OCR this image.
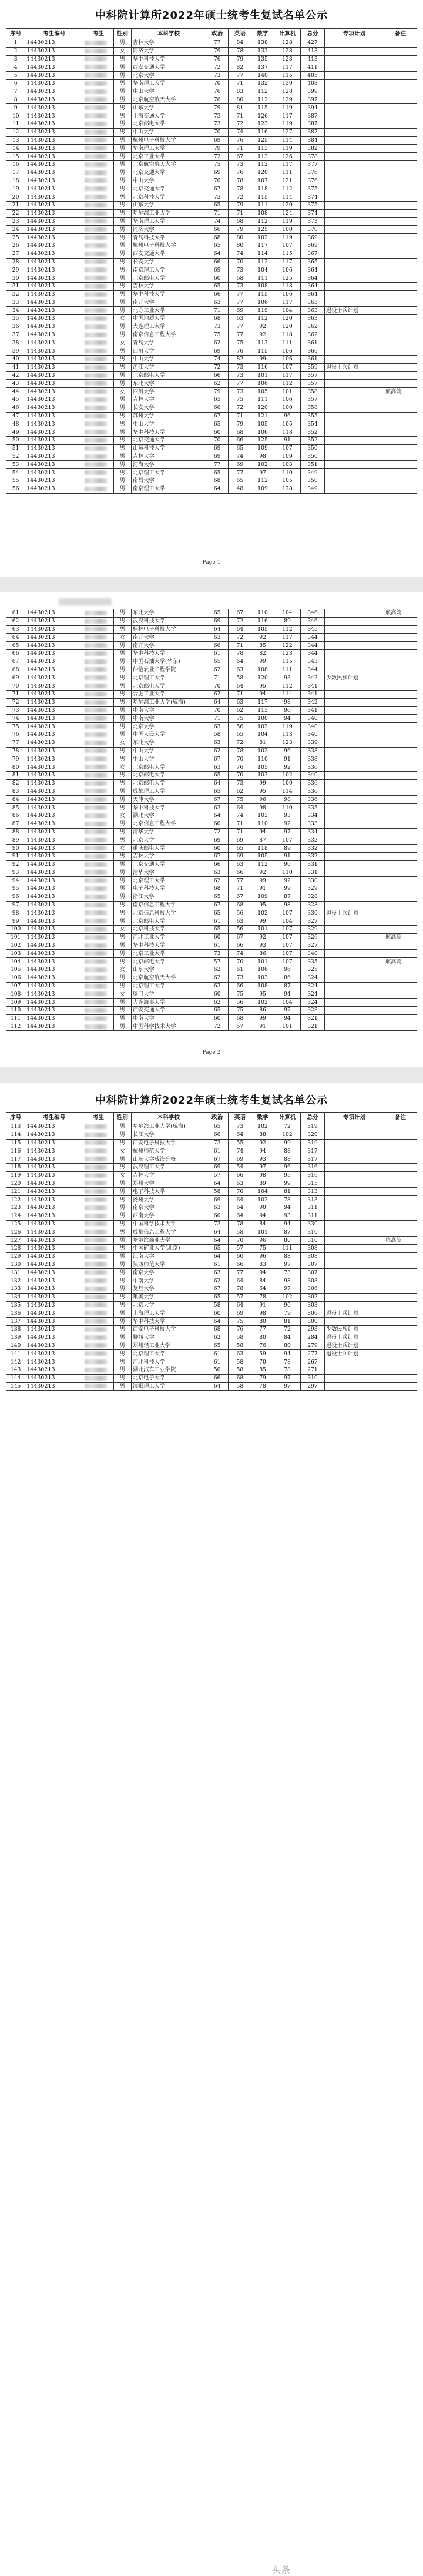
中科院计算所2022年硕士统考生复试名单公示
序号	考生编号	考生	性别	本科学校	政治	英语	数学	计算机	总分	专项计划	备注
1	14430213		男	吉林大学	77	84	138	128	427		
2	14430213		女	同济大学	79	78	133	128	418		
3	14430213		男	华中科技大学	76	79	135	123	413		
4	14430213		男	西安交通大学	72	82	137	117	411		
5	14430213		男	北京大学	73	77	140	115	405		
6	14430213		男	华南理工大学	70	71	132	130	403		
7	14430213		男	中山大学	76	83	112	128	399		
8	14430213		男	北京航空航天大学	76	80	112	129	397		
9	14430213		男	山东大学	79	81	115	119	394		
10	14430213		男	上海交通大学	73	71	126	117	387		
11	14430213		男	北京邮电大学	73	72	123	119	387		
12	14430213		男	中山大学	70	74	116	127	387		
13	14430213		男	杭州电子科技大学	69	76	125	114	384		
14	14430213		男	华南理工大学	79	71	113	119	382		
15	14430213		男	北京工业大学	72	67	113	126	378		
16	14430213		男	北京航空航天大学	75	73	112	117	377		
17	14430213		男	北京交通大学	69	76	120	111	376		
18	14430213		男	中山大学	70	78	107	121	376		
19	14430213		男	北京交通大学	67	78	118	112	375		
20	14430213		男	北京科技大学	73	72	115	114	374		
21	14430213		男	山东大学	65	79	111	120	375		
22	14430213		男	哈尔滨工业大学	71	71	108	124	374		
23	14430213		男	华南理工大学	74	68	112	119	373		
24	14430213		男	同济大学	66	79	125	100	370		
25	14430213		男	青岛科技大学	68	80	102	119	369		
26	14430213		男	杭州电子科技大学	65	80	117	107	369		
27	14430213		男	西安交通大学	64	74	114	115	367		
28	14430213		男	长安大学	66	70	112	117	365		
29	14430213		男	南京理工大学	69	73	104	106	364		
30	14430213		男	北京邮电大学	60	68	111	125	364		
31	14430213		男	吉林大学	65	73	108	118	364		
32	14430213		男	华中科技大学	66	77	115	106	364		
33	14430213		男	南开大学	63	77	106	117	363		
34	14430213		男	北方工业大学	71	69	119	104	363	退役士兵计划	
35	14430213		女	中国地质大学	68	63	112	120	363		
36	14430213		男	大连理工大学	73	77	92	120	362		
37	14430213		男	南京信息工程大学	75	77	92	118	362		
38	14430213		女	青岛大学	62	75	113	111	361		
39	14430213		男	四川大学	69	70	115	106	360		
40	14430213		男	中山大学	74	82	99	106	361		
41	14430213		男	浙江大学	72	73	116	107	359	退役士兵计划	
42	14430213		男	北京邮电大学	66	73	101	117	357		
43	14430213		男	东北大学	62	77	106	112	357		
44	14430213		女	四川大学	79	73	105	101	358		航高院
45	14430213		男	吉林大学	65	75	111	106	357		
46	14430213		男	长安大学	66	72	120	100	358		
47	14430213		男	苏州大学	67	71	121	96	355		
48	14430213		男	中山大学	65	79	105	105	354		
49	14430213		男	华中科技大学	60	68	106	118	352		
50	14430213		男	北京交通大学	70	66	125	91	352		
51	14430213		男	山东科技大学	69	65	109	107	350		
52	14430213		男	吉林大学	69	74	98	109	350		
53	14430213		男	河海大学	77	69	102	103	351		
54	14430213		男	北京理工大学	65	77	97	110	349		
55	14430213		男	南昌大学	68	65	112	105	350		
56	14430213		男	南京理工大学	64	48	109	128	349		
Page 1
61	14430213		男	东北大学	65	67	110	104	346		航高院
62	14430213		男	武汉科技大学	69	72	116	89	346		
63	14430213		男	桂林电子科技大学	64	64	105	112	345		
64	14430213		女	南开大学	63	72	92	117	344		
65	14430213		男	南开大学	66	71	85	122	344		
66	14430213		男	华中科技大学	61	78	82	123	344		
67	14430213		男	中国石油大学(华东)	65	64	99	115	343		
68	14430213		男	仲恺农业工程学院	62	63	108	111	344		
69	14430213		男	北京理工大学	71	58	120	93	342	少数民族计划	
70	14430213		男	北京邮电大学	70	64	95	112	341		
71	14430213		男	合肥工业大学	62	71	94	114	341		
72	14430213		男	哈尔滨工业大学(威海)	64	63	117	98	342		
73	14430213		男	中南大学	70	62	113	96	341		
74	14430213		男	中南大学	71	75	100	94	340		
75	14430213		男	北京大学	63	56	102	119	340		
76	14430213		男	中国人民大学	58	65	104	113	340		
77	14430213		女	东北大学	63	72	81	123	339		
78	14430213		男	中山大学	62	78	102	96	338		
79	14430213		男	中山大学	67	70	110	91	338		
80	14430213		女	北京邮电大学	63	76	105	92	336		
81	14430213		男	北京邮电大学	65	70	103	102	340		
82	14430213		男	北京邮电大学	64	73	99	100	336		
83	14430213		男	成都理工大学	65	62	95	114	336		
84	14430213		男	天津大学	67	75	96	98	336		
85	14430213		男	华中科技大学	63	64	98	110	335		
86	14430213		女	湖北大学	64	74	103	93	334		
87	14430213		男	北京信息工程大学	60	71	110	92	333		
88	14430213		男	清华大学	72	71	94	97	334		
89	14430213		男	北京大学	69	69	87	107	332		
90	14430213		女	重庆邮电大学	60	65	118	89	332		
91	14430213		男	吉林大学	67	69	105	91	332		
92	14430213		男	北京交通大学	66	63	112	90	331		
93	14430213		男	清华大学	63	66	92	110	331		
94	14430213		男	北京理工大学	62	77	99	92	330		
95	14430213		男	电子科技大学	68	71	91	99	329		
96	14430213		男	浙江大学	65	67	109	87	328		
97	14430213		男	南京信息工程大学	67	68	95	98	328		
98	14430213		男	北京信息科技大学	65	56	102	107	330	退役士兵计划	
99	14430213		男	北京邮电大学	61	63	99	104	327		
100	14430213		女	北京科技大学	65	56	101	107	329		
101	14430213		男	河北工业大学	60	67	92	107	326		航高院
102	14430213		男	华中科技大学	61	66	93	107	327		
103	14430213		男	北京工业大学	73	74	86	107	340		
104	14430213		男	北京邮电大学	57	70	101	107	335		航高院
105	14430213		女	山东大学	62	61	106	96	325		
106	14430213		男	北京航空航天大学	62	73	103	86	324		
107	14430213		男	北京理工大学	63	66	108	87	324		
108	14430213		女	厦门大学	60	75	95	94	324		
109	14430213		男	大连海事大学	62	56	102	104	324		
110	14430213		男	西安交通大学	65	75	86	97	323		
111	14430213		男	中南大学	60	68	99	94	321		
112	14430213		男	中国科学技术大学	72	57	91	101	321		
Page 2
中科院计算所2022年硕士统考生复试名单公示
序号	考生编号	考生	性别	本科学校	政治	英语	数学	计算机	总分	专项计划	备注
113	14430213		男	哈尔滨工业大学(威海)	65	73	102	72	319		
114	14430213		男	长江大学	66	64	88	102	320		
115	14430213		男	西安电子科技大学	73	55	92	99	319		
116	14430213		女	杭州师范大学	61	74	94	88	317		
117	14430213		男	山东大学威海分校	67	69	93	88	317		
118	14430213		男	武汉理工大学	69	54	97	96	316		
119	14430213		女	吉林大学	57	66	98	95	316		
120	14430213		男	郑州大学	64	63	89	99	315		
121	14430213		男	电子科技大学	58	70	104	81	313		
122	14430213		男	扬州大学	69	64	102	78	313		
123	14430213		男	南京大学	63	64	90	94	311		
124	14430213		男	西南大学	60	64	94	93	311		
125	14430213		男	中国科学技术大学	73	78	84	94	330		
126	14430213		男	成都信息工程大学	64	58	101	87	310		
127	14430213		男	哈尔滨商业大学	64	70	96	80	310		杭高院
128	14430213		男	中国矿业大学(北京)	65	57	75	111	308		
129	14430213		男	江南大学	64	60	96	88	308		
130	14430213		男	陕西师范大学	61	66	83	97	307		
131	14430213		男	南京大学	63	77	94	73	307		
132	14430213		男	中南大学	62	64	84	98	308		
133	14430213		男	复旦大学	67	78	64	97	306		
134	14430213		男	集美大学	65	57	78	102	302		
135	14430213		男	北京大学	58	64	91	90	303		
136	14430213		男	上海理工大学	60	69	98	79	306	退役士兵计划	
137	14430213		男	华中科技大学	64	75	80	81	300		
138	14430213		男	西安电子科技大学	68	76	77	72	293	少数民族计划	
139	14430213		男	聊城大学	62	58	80	84	284	退役士兵计划	
140	14430213		男	郑州轻工业大学	65	58	76	80	279	退役士兵计划	
141	14430213		男	北京理工大学	61	63	59	94	277	退役士兵计划	
142	14430213		男	河北科技大学	61	58	70	78	267		
143	14430213		男	湖北汽车工业学院	50	58	85	78	271		
144	14430213		男	北京电子大学	66	68	79	97	310		
145	14430213		男	沈阳理工大学	64	58	78	97	297		
头条
